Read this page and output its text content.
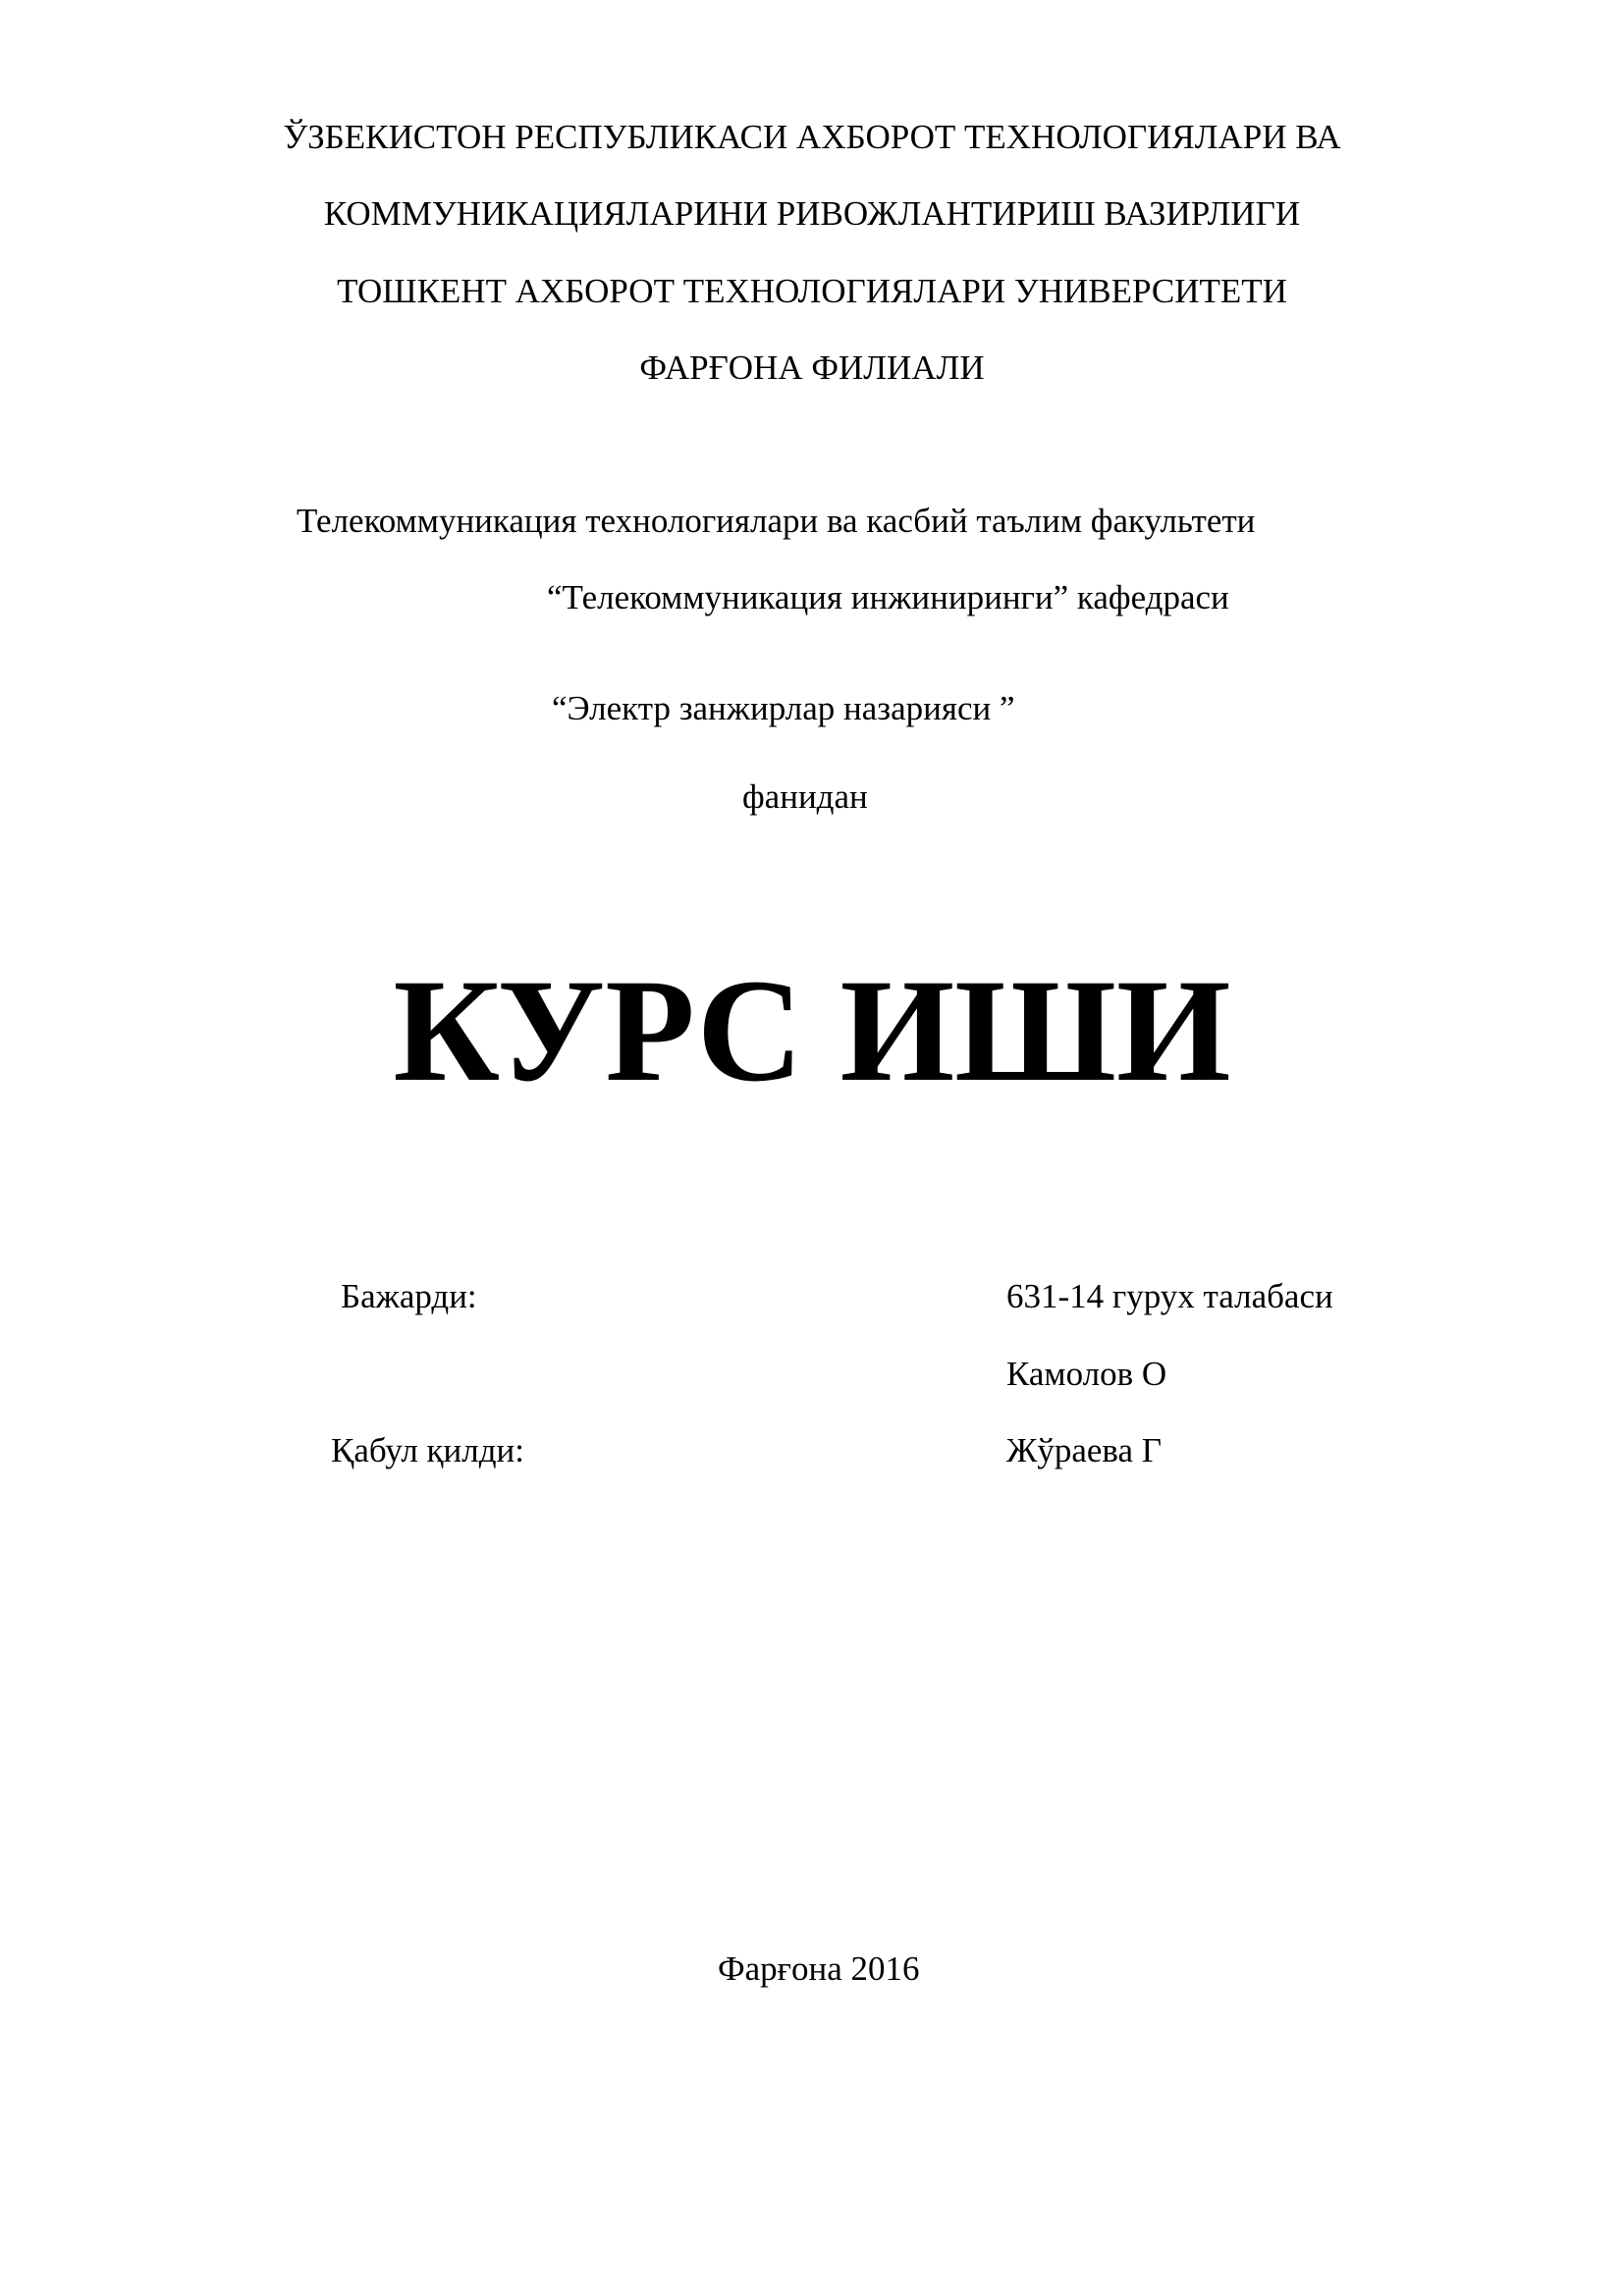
ЎЗБЕКИСТОН РЕСПУБЛИКАСИ АХБОРОТ ТЕХНОЛОГИЯЛАРИ ВА
КОММУНИКАЦИЯЛАРИНИ РИВОЖЛАНТИРИШ ВАЗИРЛИГИ
ТОШКЕНТ АХБОРОТ ТЕХНОЛОГИЯЛАРИ УНИВЕРСИТЕТИ
ФАРҒОНА ФИЛИАЛИ
Телекоммуникация технологиялари ва касбий таълим факультети
“Телекоммуникация инжиниринги” кафедраси
“Электр занжирлар назарияси ”
фанидан
КУРС ИШИ
Бажарди:	631-14 гурух талабаси
Камолов О
Қабул қилди:	Жўраева Г
Фарғона 2016
